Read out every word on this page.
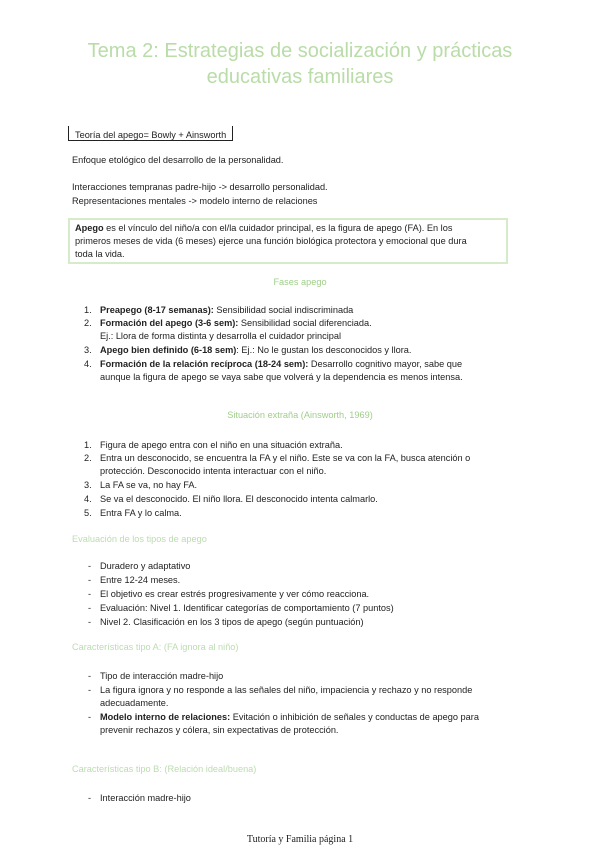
Tema 2: Estrategias de socialización y prácticas educativas familiares
Teoría del apego= Bowly + Ainsworth
Enfoque etológico del desarrollo de la personalidad.
Interacciones tempranas padre-hijo -> desarrollo personalidad.
Representaciones mentales -> modelo interno de relaciones
Apego es el vínculo del niño/a con el/la cuidador principal, es la figura de apego (FA). En los
primeros meses de vida (6 meses) ejerce una función biológica protectora y emocional que dura
toda la vida.
Fases apego
1. Preapego (8-17 semanas): Sensibilidad social indiscriminada
2. Formación del apego (3-6 sem): Sensibilidad social diferenciada.
Ej.: Llora de forma distinta y desarrolla el cuidador principal
3. Apego bien definido (6-18 sem): Ej.: No le gustan los desconocidos y llora.
4. Formación de la relación recíproca (18-24 sem): Desarrollo cognitivo mayor, sabe que
aunque la figura de apego se vaya sabe que volverá y la dependencia es menos intensa.
Situación extraña (Ainsworth, 1969)
1. Figura de apego entra con el niño en una situación extraña.
2. Entra un desconocido, se encuentra la FA y el niño. Este se va con la FA, busca atención o
protección. Desconocido intenta interactuar con el niño.
3. La FA se va, no hay FA.
4. Se va el desconocido. El niño llora. El desconocido intenta calmarlo.
5. Entra FA y lo calma.
Evaluación de los tipos de apego
- Duradero y adaptativo
- Entre 12-24 meses.
- El objetivo es crear estrés progresivamente y ver cómo reacciona.
- Evaluación: Nivel 1. Identificar categorías de comportamiento (7 puntos)
- Nivel 2. Clasificación en los 3 tipos de apego (según puntuación)
Características tipo A: (FA ignora al niño)
- Tipo de interacción madre-hijo
- La figura ignora y no responde a las señales del niño, impaciencia y rechazo y no responde
adecuadamente.
- Modelo interno de relaciones: Evitación o inhibición de señales y conductas de apego para
prevenir rechazos y cólera, sin expectativas de protección.
Características tipo B: (Relación ideal/buena)
- Interacción madre-hijo
Tutoría y Familia página 1
